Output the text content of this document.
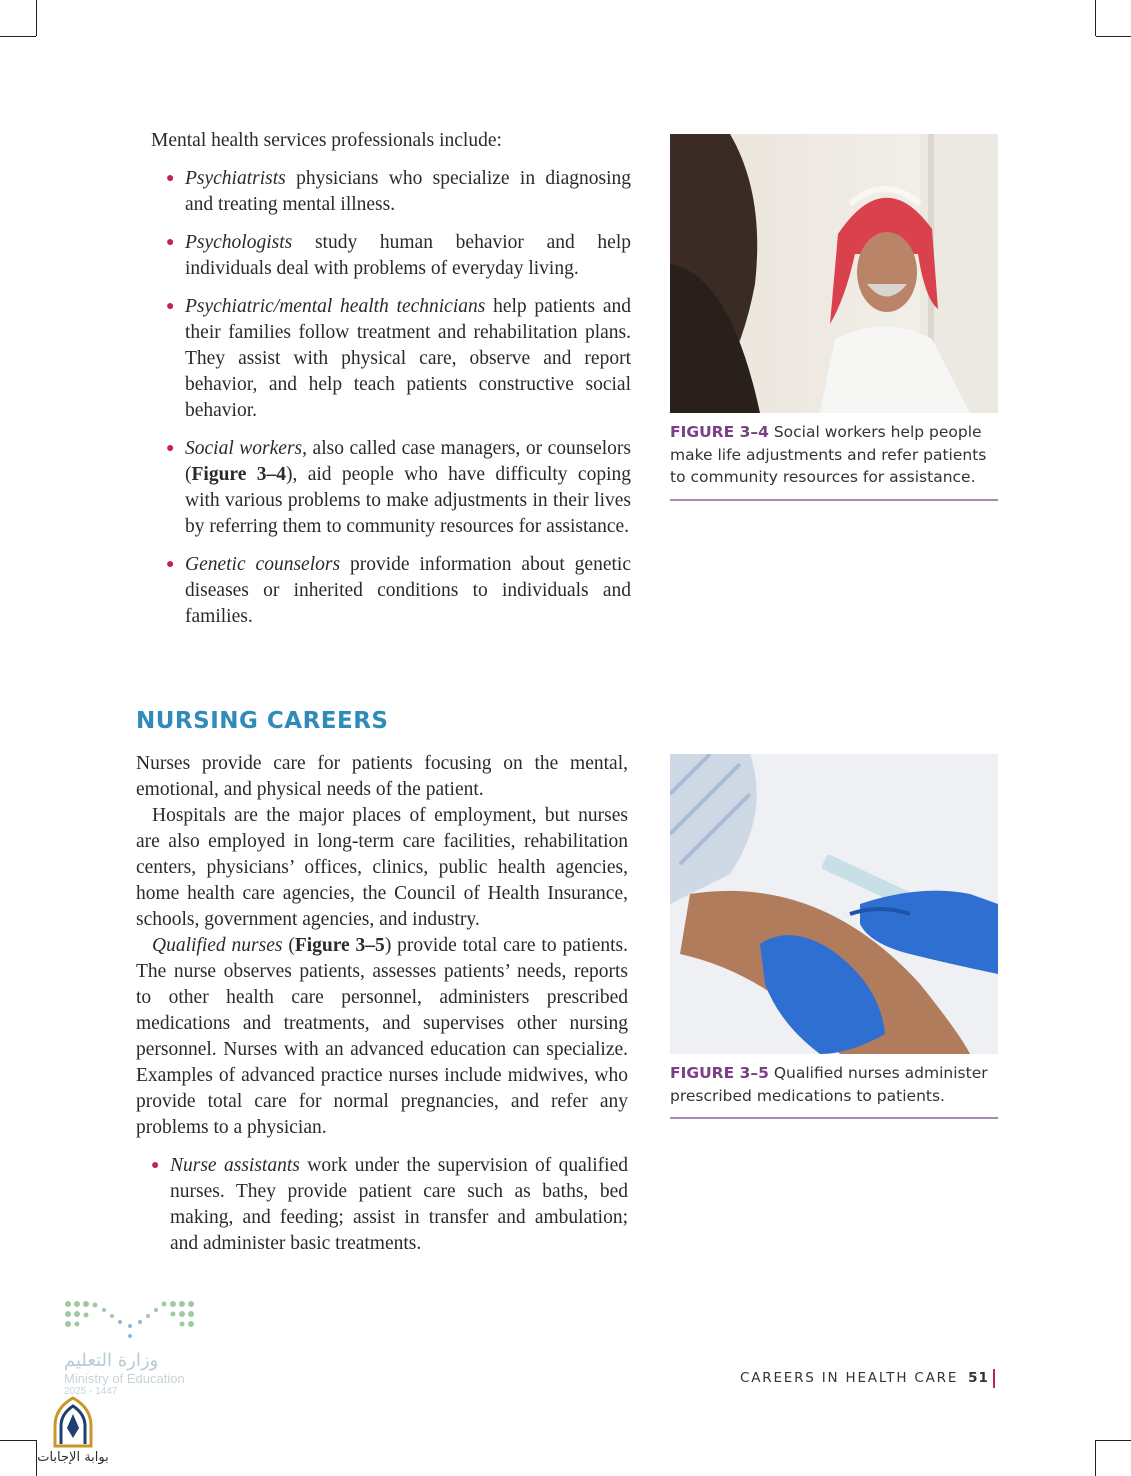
Mental health services professionals include:

● Psychiatrists physicians who specialize in diagnosing and treating mental illness.
● Psychologists study human behavior and help individuals deal with problems of everyday living.
● Psychiatric/mental health technicians help patients and their families follow treatment and rehabilitation plans. They assist with physical care, observe and report behavior, and help teach patients constructive social behavior.
● Social workers, also called case managers, or counselors (Figure 3–4), aid people who have difficulty coping with various problems to make adjustments in their lives by referring them to community resources for assistance.
● Genetic counselors provide information about genetic diseases or inherited conditions to individuals and families.
NURSING CAREERS

Nurses provide care for patients focusing on the mental, emotional, and physical needs of the patient.

Hospitals are the major places of employment, but nurses are also employed in long-term care facilities, rehabilitation centers, physicians’ offices, clinics, public health agencies, home health care agencies, the Council of Health Insurance, schools, government agencies, and industry.

Qualified nurses (Figure 3–5) provide total care to patients. The nurse observes patients, assesses patients’ needs, reports to other health care personnel, administers prescribed medications and treatments, and supervises other nursing personnel. Nurses with an advanced education can specialize. Examples of advanced practice nurses include midwives, who provide total care for normal pregnancies, and refer any problems to a physician.

● Nurse assistants work under the supervision of qualified nurses. They provide patient care such as baths, bed making, and feeding; assist in transfer and ambulation; and administer basic treatments.
FIGURE 3–4 Social workers help people make life adjustments and refer patients to community resources for assistance.
FIGURE 3–5 Qualified nurses administer prescribed medications to patients.
CAREERS IN HEALTH CARE 51
وزارة التعليم
Ministry of Education
2025 - 1447
بوابة الإجابات
